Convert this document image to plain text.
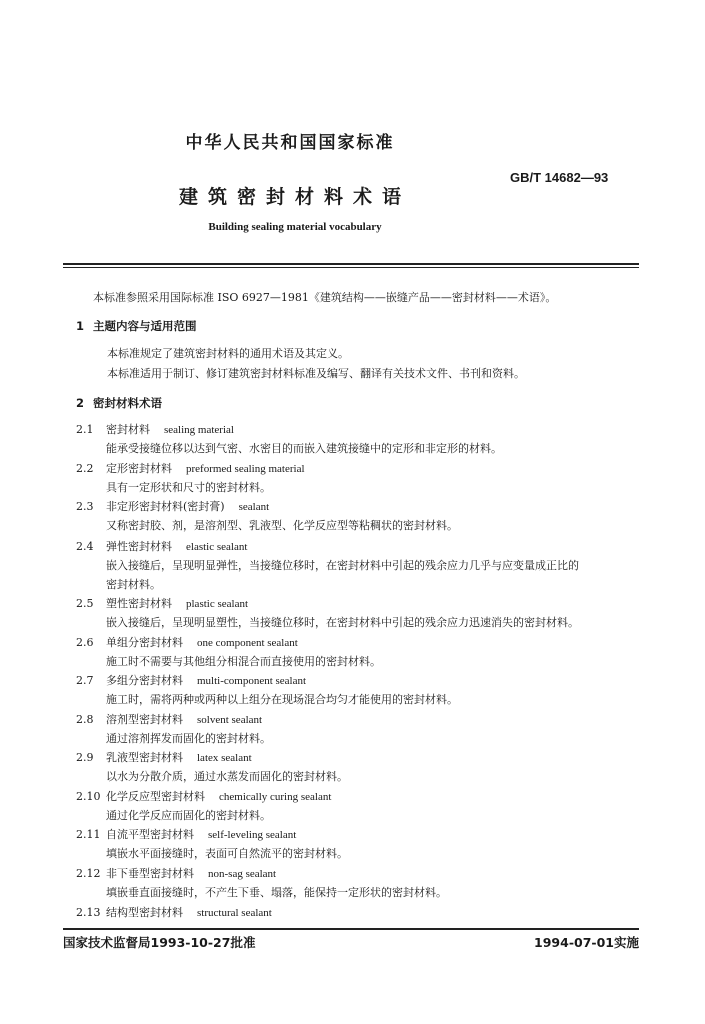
中华人民共和国国家标准
GB/T 14682—93
建筑密封材料术语
Building sealing material vocabulary
本标准参照采用国际标准 ISO 6927—1981《建筑结构——嵌缝产品——密封材料——术语》。
1 主题内容与适用范围
本标准规定了建筑密封材料的通用术语及其定义。
本标准适用于制订、修订建筑密封材料标准及编写、翻译有关技术文件、书刊和资料。
2 密封材料术语
2.1 密封材料 sealing material
能承受接缝位移以达到气密、水密目的而嵌入建筑接缝中的定形和非定形的材料。
2.2 定形密封材料 preformed sealing material
具有一定形状和尺寸的密封材料。
2.3 非定形密封材料(密封膏) sealant
又称密封胶、剂，是溶剂型、乳液型、化学反应型等粘稠状的密封材料。
2.4 弹性密封材料 elastic sealant
嵌入接缝后，呈现明显弹性，当接缝位移时，在密封材料中引起的残余应力几乎与应变量成正比的
密封材料。
2.5 塑性密封材料 plastic sealant
嵌入接缝后，呈现明显塑性，当接缝位移时，在密封材料中引起的残余应力迅速消失的密封材料。
2.6 单组分密封材料 one component sealant
施工时不需要与其他组分相混合而直接使用的密封材料。
2.7 多组分密封材料 multi-component sealant
施工时，需将两种或两种以上组分在现场混合均匀才能使用的密封材料。
2.8 溶剂型密封材料 solvent sealant
通过溶剂挥发而固化的密封材料。
2.9 乳液型密封材料 latex sealant
以水为分散介质，通过水蒸发而固化的密封材料。
2.10 化学反应型密封材料 chemically curing sealant
通过化学反应而固化的密封材料。
2.11 自流平型密封材料 self-leveling sealant
填嵌水平面接缝时，表面可自然流平的密封材料。
2.12 非下垂型密封材料 non-sag sealant
填嵌垂直面接缝时，不产生下垂、塌落，能保持一定形状的密封材料。
2.13 结构型密封材料 structural sealant
国家技术监督局1993-10-27批准	1994-07-01实施
